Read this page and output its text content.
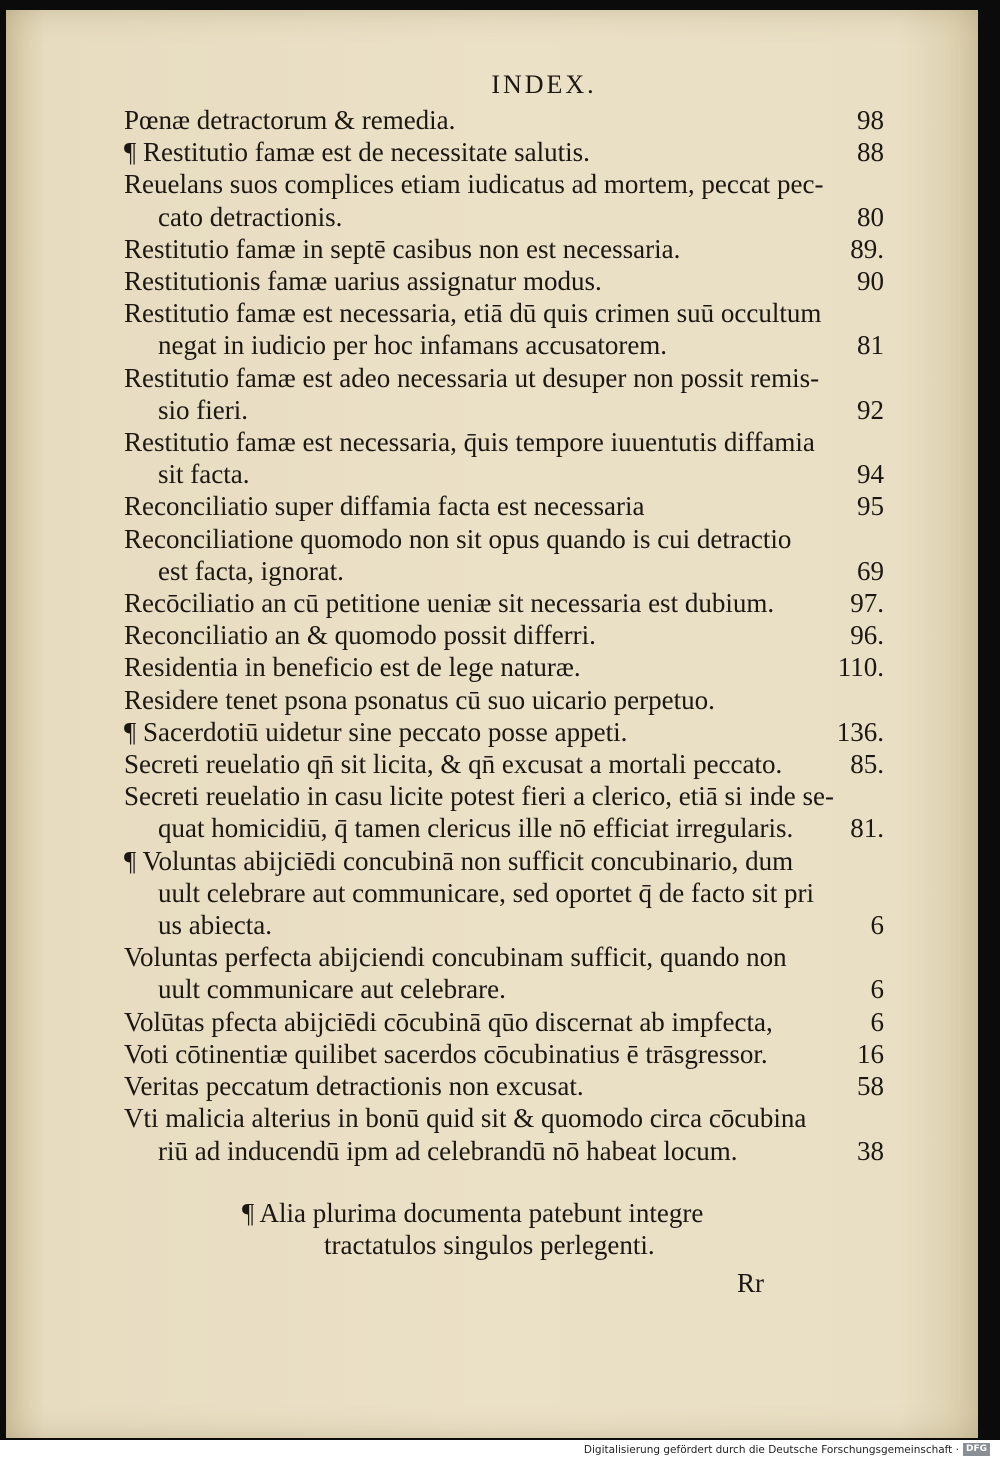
INDEX.
Pœnæ detractorum & remedia.	98
¶ Restitutio famæ est de necessitate salutis.	88
Reuelans suos complices etiam iudicatus ad mortem, peccat pec-
cato detractionis.	80
Restitutio famæ in septē casibus non est necessaria.	89.
Restitutionis famæ uarius assignatur modus.	90
Restitutio famæ est necessaria, etiā dū quis crimen suū occultum
negat in iudicio per hoc infamans accusatorem.	81
Restitutio famæ est adeo necessaria ut desuper non possit remis-
sio fieri.	92
Restitutio famæ est necessaria, q̄uis tempore iuuentutis diffamia
sit facta.	94
Reconciliatio super diffamia facta est necessaria	95
Reconciliatione quomodo non sit opus quando is cui detractio
est facta, ignorat.	69
Recōciliatio an cū petitione ueniæ sit necessaria est dubium.	97.
Reconciliatio an & quomodo possit differri.	96.
Residentia in beneficio est de lege naturæ.	110.
Residere tenet psona psonatus cū suo uicario perpetuo.
¶ Sacerdotiū uidetur sine peccato posse appeti.	136.
Secreti reuelatio qn̄ sit licita, & qn̄ excusat a mortali peccato.	85.
Secreti reuelatio in casu licite potest fieri a clerico, etiā si inde se-
quat homicidiū, q̄ tamen clericus ille nō efficiat irregularis.	81.
¶ Voluntas abijciēdi concubinā non sufficit concubinario, dum
uult celebrare aut communicare, sed oportet q̄ de facto sit pri
us abiecta.	6
Voluntas perfecta abijciendi concubinam sufficit, quando non
uult communicare aut celebrare.	6
Volūtas pfecta abijciēdi cōcubinā qūo discernat ab impfecta,	6
Voti cōtinentiæ quilibet sacerdos cōcubinatius ē trāsgressor.	16
Veritas peccatum detractionis non excusat.	58
Vti malicia alterius in bonū quid sit & quomodo circa cōcubina
riū ad inducendū ipm ad celebrandū nō habeat locum.	38
¶ Alia plurima documenta patebunt integre
tractatulos singulos perlegenti.
Rr
Digitalisierung gefördert durch die Deutsche Forschungsgemeinschaft · DFG
